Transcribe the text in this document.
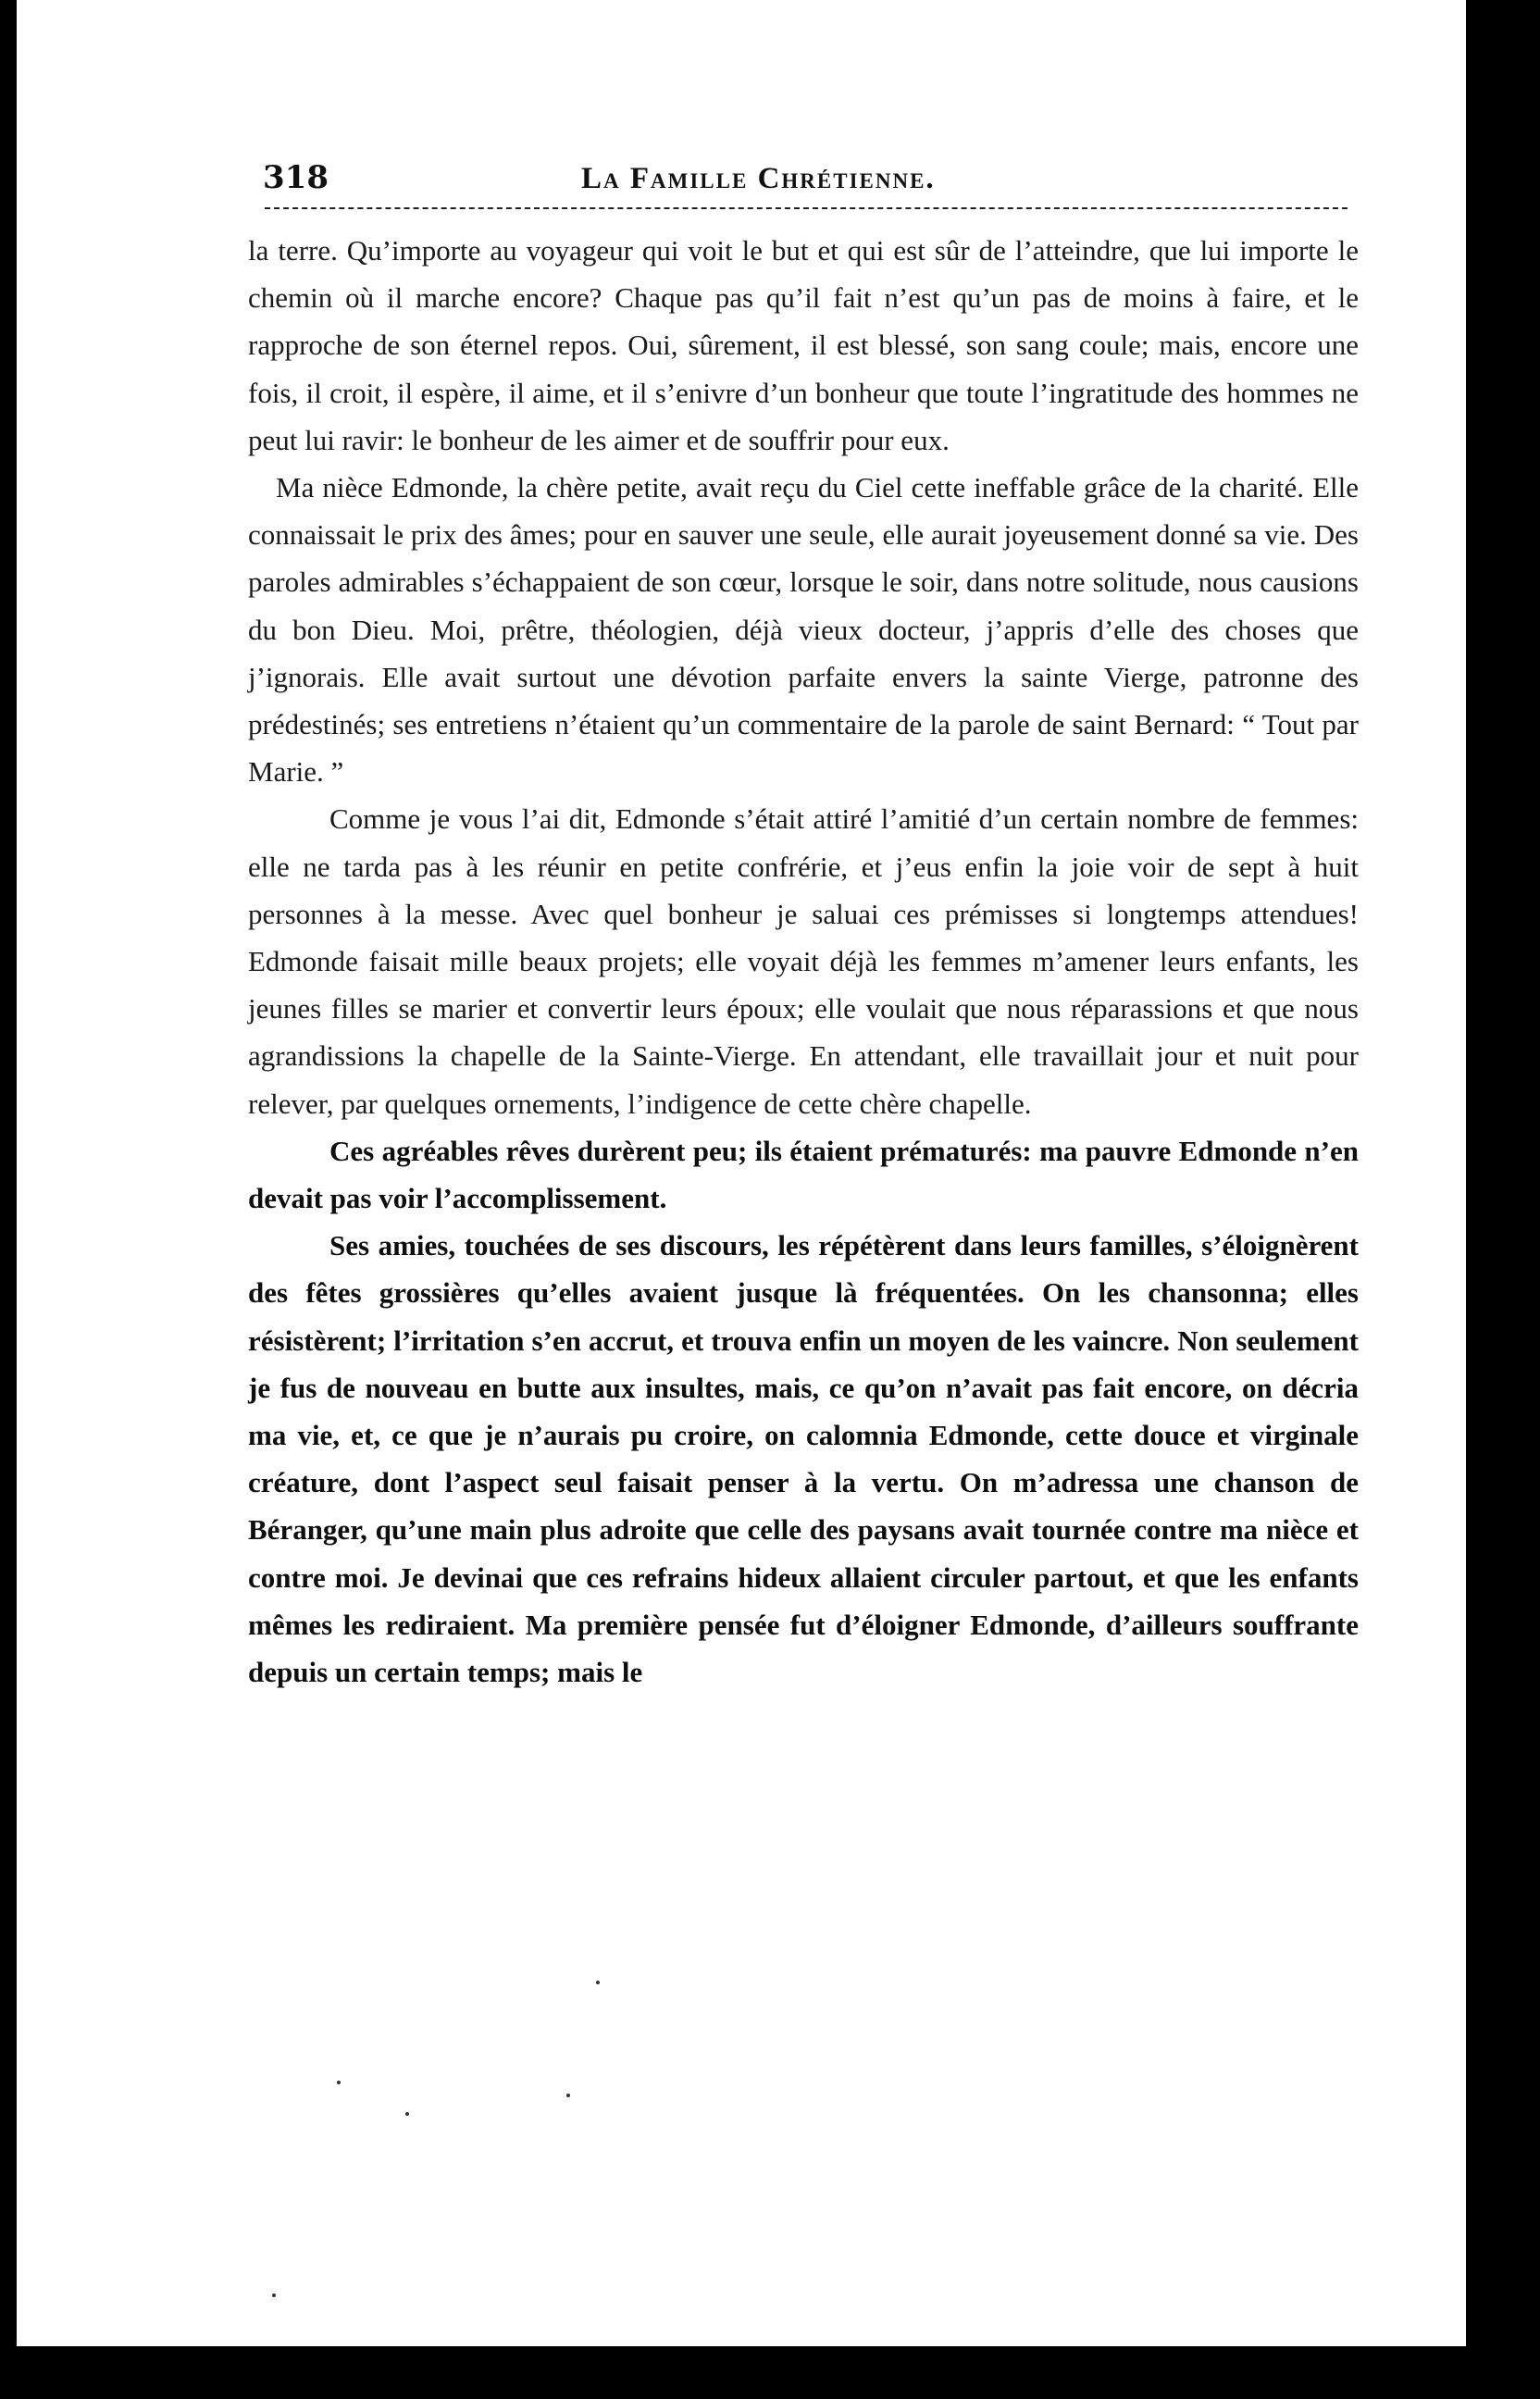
318	La Famille Chrétienne.

la terre. Qu’importe au voyageur qui voit le but et qui est sûr de l’atteindre, que lui importe le chemin où il marche encore? Chaque pas qu’il fait n’est qu’un pas de moins à faire, et le rapproche de son éternel repos. Oui, sûrement, il est blessé, son sang coule; mais, encore une fois, il croit, il espère, il aime, et il s’enivre d’un bonheur que toute l’ingratitude des hommes ne peut lui ravir: le bonheur de les aimer et de souffrir pour eux.

Ma nièce Edmonde, la chère petite, avait reçu du Ciel cette ineffable grâce de la charité. Elle connaissait le prix des âmes; pour en sauver une seule, elle aurait joyeusement donné sa vie. Des paroles admirables s’échappaient de son cœur, lorsque le soir, dans notre solitude, nous causions du bon Dieu. Moi, prêtre, théologien, déjà vieux docteur, j’appris d’elle des choses que j’ignorais. Elle avait surtout une dévotion parfaite envers la sainte Vierge, patronne des prédestinés; ses entretiens n’étaient qu’un commentaire de la parole de saint Bernard: “ Tout par Marie. ”

Comme je vous l’ai dit, Edmonde s’était attiré l’amitié d’un certain nombre de femmes: elle ne tarda pas à les réunir en petite confrérie, et j’eus enfin la joie voir de sept à huit personnes à la messe. Avec quel bonheur je saluai ces prémisses si longtemps attendues! Edmonde faisait mille beaux projets; elle voyait déjà les femmes m’amener leurs enfants, les jeunes filles se marier et convertir leurs époux; elle voulait que nous réparassions et que nous agrandissions la chapelle de la Sainte-Vierge. En attendant, elle travaillait jour et nuit pour relever, par quelques ornements, l’indigence de cette chère chapelle.

Ces agréables rêves durèrent peu; ils étaient prématurés: ma pauvre Edmonde n’en devait pas voir l’accomplissement.

Ses amies, touchées de ses discours, les répétèrent dans leurs familles, s’éloignèrent des fêtes grossières qu’elles avaient jusque là fréquentées. On les chansonna; elles résistèrent; l’irritation s’en accrut, et trouva enfin un moyen de les vaincre. Non seulement je fus de nouveau en butte aux insultes, mais, ce qu’on n’avait pas fait encore, on décria ma vie, et, ce que je n’aurais pu croire, on calomnia Edmonde, cette douce et virginale créature, dont l’aspect seul faisait penser à la vertu. On m’adressa une chanson de Béranger, qu’une main plus adroite que celle des paysans avait tournée contre ma nièce et contre moi. Je devinai que ces refrains hideux allaient circuler partout, et que les enfants mêmes les rediraient. Ma première pensée fut d’éloigner Edmonde, d’ailleurs souffrante depuis un certain temps; mais le
